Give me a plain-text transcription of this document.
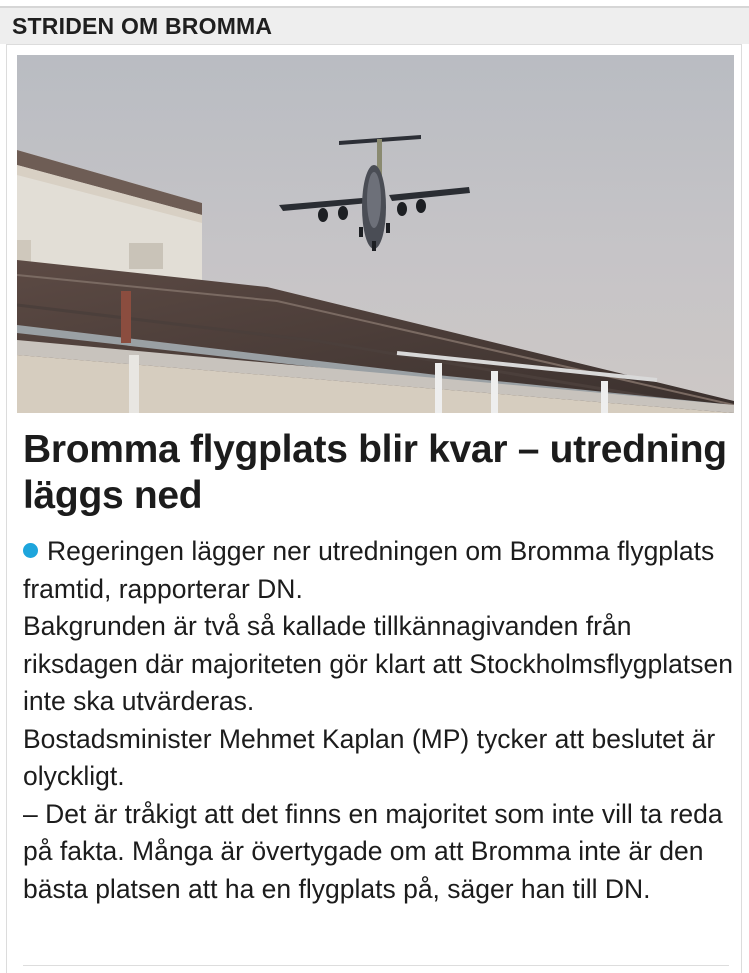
STRIDEN OM BROMMA
Bromma flygplats blir kvar – utredning läggs ned

Regeringen lägger ner utredningen om Bromma flygplats framtid, rapporterar DN.

Bakgrunden är två så kallade tillkännagivanden från riksdagen där majoriteten gör klart att Stockholmsflygplatsen inte ska utvärderas.

Bostadsminister Mehmet Kaplan (MP) tycker att beslutet är olyckligt.

– Det är tråkigt att det finns en majoritet som inte vill ta reda på fakta. Många är övertygade om att Bromma inte är den bästa platsen att ha en flygplats på, säger han till DN.
